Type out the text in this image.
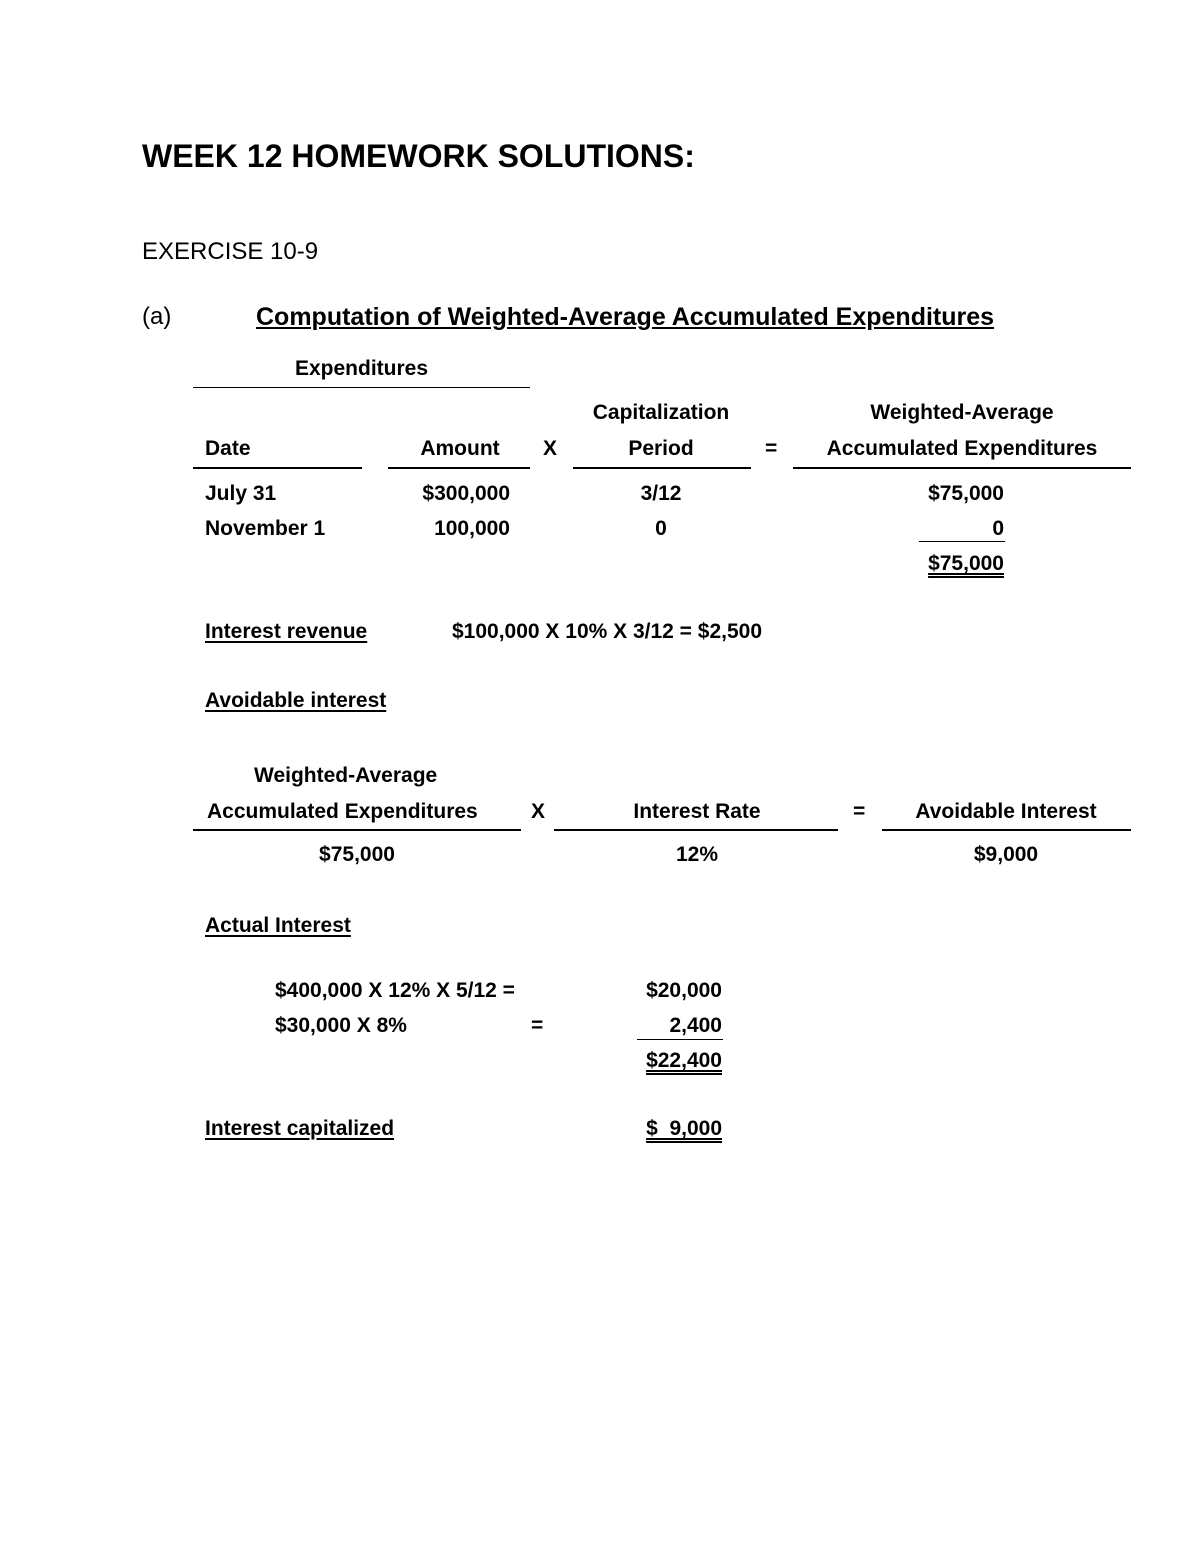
WEEK 12 HOMEWORK SOLUTIONS:
EXERCISE 10-9
(a)	Computation of Weighted-Average Accumulated Expenditures
Expenditures
Capitalization	Weighted-Average
Date	Amount	X	Period	=	Accumulated Expenditures
July 31	$300,000	3/12	$75,000
November 1	100,000	0	0
$75,000
Interest revenue	$100,000 X 10% X 3/12 = $2,500
Avoidable interest
Weighted-Average
Accumulated Expenditures	X	Interest Rate	=	Avoidable Interest
$75,000	12%	$9,000
Actual Interest
$400,000 X 12% X 5/12 =	$20,000
$30,000 X 8%	=	2,400
$22,400
Interest capitalized	$  9,000
